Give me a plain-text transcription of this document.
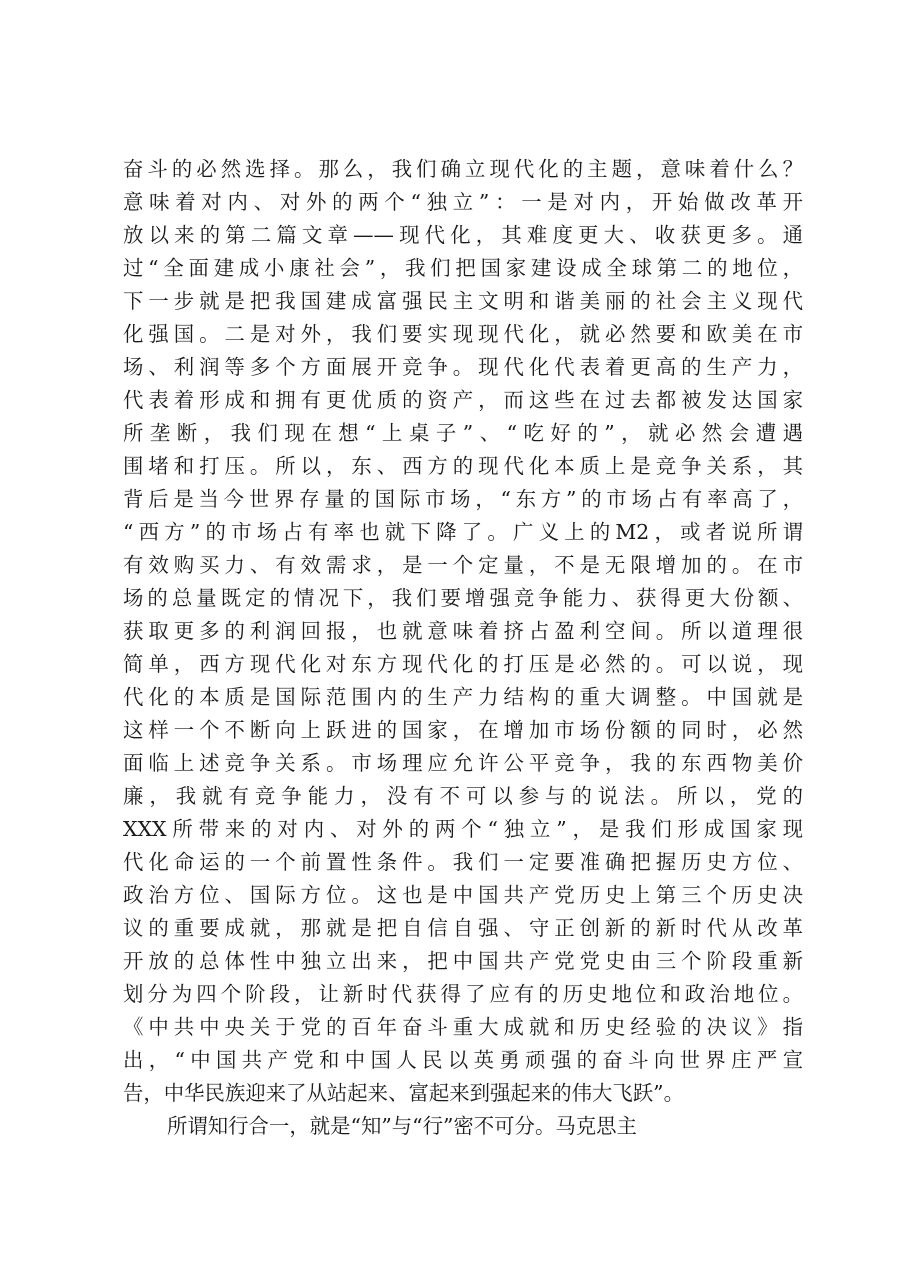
奋斗的必然选择。那么，我们确立现代化的主题，意味着什么？
意味着对内、对外的两个“独立”：一是对内，开始做改革开
放以来的第二篇文章——现代化，其难度更大、收获更多。通
过“全面建成小康社会”，我们把国家建设成全球第二的地位，
下一步就是把我国建成富强民主文明和谐美丽的社会主义现代
化强国。二是对外，我们要实现现代化，就必然要和欧美在市
场、利润等多个方面展开竞争。现代化代表着更高的生产力，
代表着形成和拥有更优质的资产，而这些在过去都被发达国家
所垄断，我们现在想“上桌子”、“吃好的”，就必然会遭遇
围堵和打压。所以，东、西方的现代化本质上是竞争关系，其
背后是当今世界存量的国际市场，“东方”的市场占有率高了，
“西方”的市场占有率也就下降了。广义上的M2，或者说所谓
有效购买力、有效需求，是一个定量，不是无限增加的。在市
场的总量既定的情况下，我们要增强竞争能力、获得更大份额、
获取更多的利润回报，也就意味着挤占盈利空间。所以道理很
简单，西方现代化对东方现代化的打压是必然的。可以说，现
代化的本质是国际范围内的生产力结构的重大调整。中国就是
这样一个不断向上跃进的国家，在增加市场份额的同时，必然
面临上述竞争关系。市场理应允许公平竞争，我的东西物美价
廉，我就有竞争能力，没有不可以参与的说法。所以，党的
XXX所带来的对内、对外的两个“独立”，是我们形成国家现
代化命运的一个前置性条件。我们一定要准确把握历史方位、
政治方位、国际方位。这也是中国共产党历史上第三个历史决
议的重要成就，那就是把自信自强、守正创新的新时代从改革
开放的总体性中独立出来，把中国共产党党史由三个阶段重新
划分为四个阶段，让新时代获得了应有的历史地位和政治地位。
《中共中央关于党的百年奋斗重大成就和历史经验的决议》指
出，“中国共产党和中国人民以英勇顽强的奋斗向世界庄严宣
告，中华民族迎来了从站起来、富起来到强起来的伟大飞跃”。
所谓知行合一，就是“知”与“行”密不可分。马克思主
